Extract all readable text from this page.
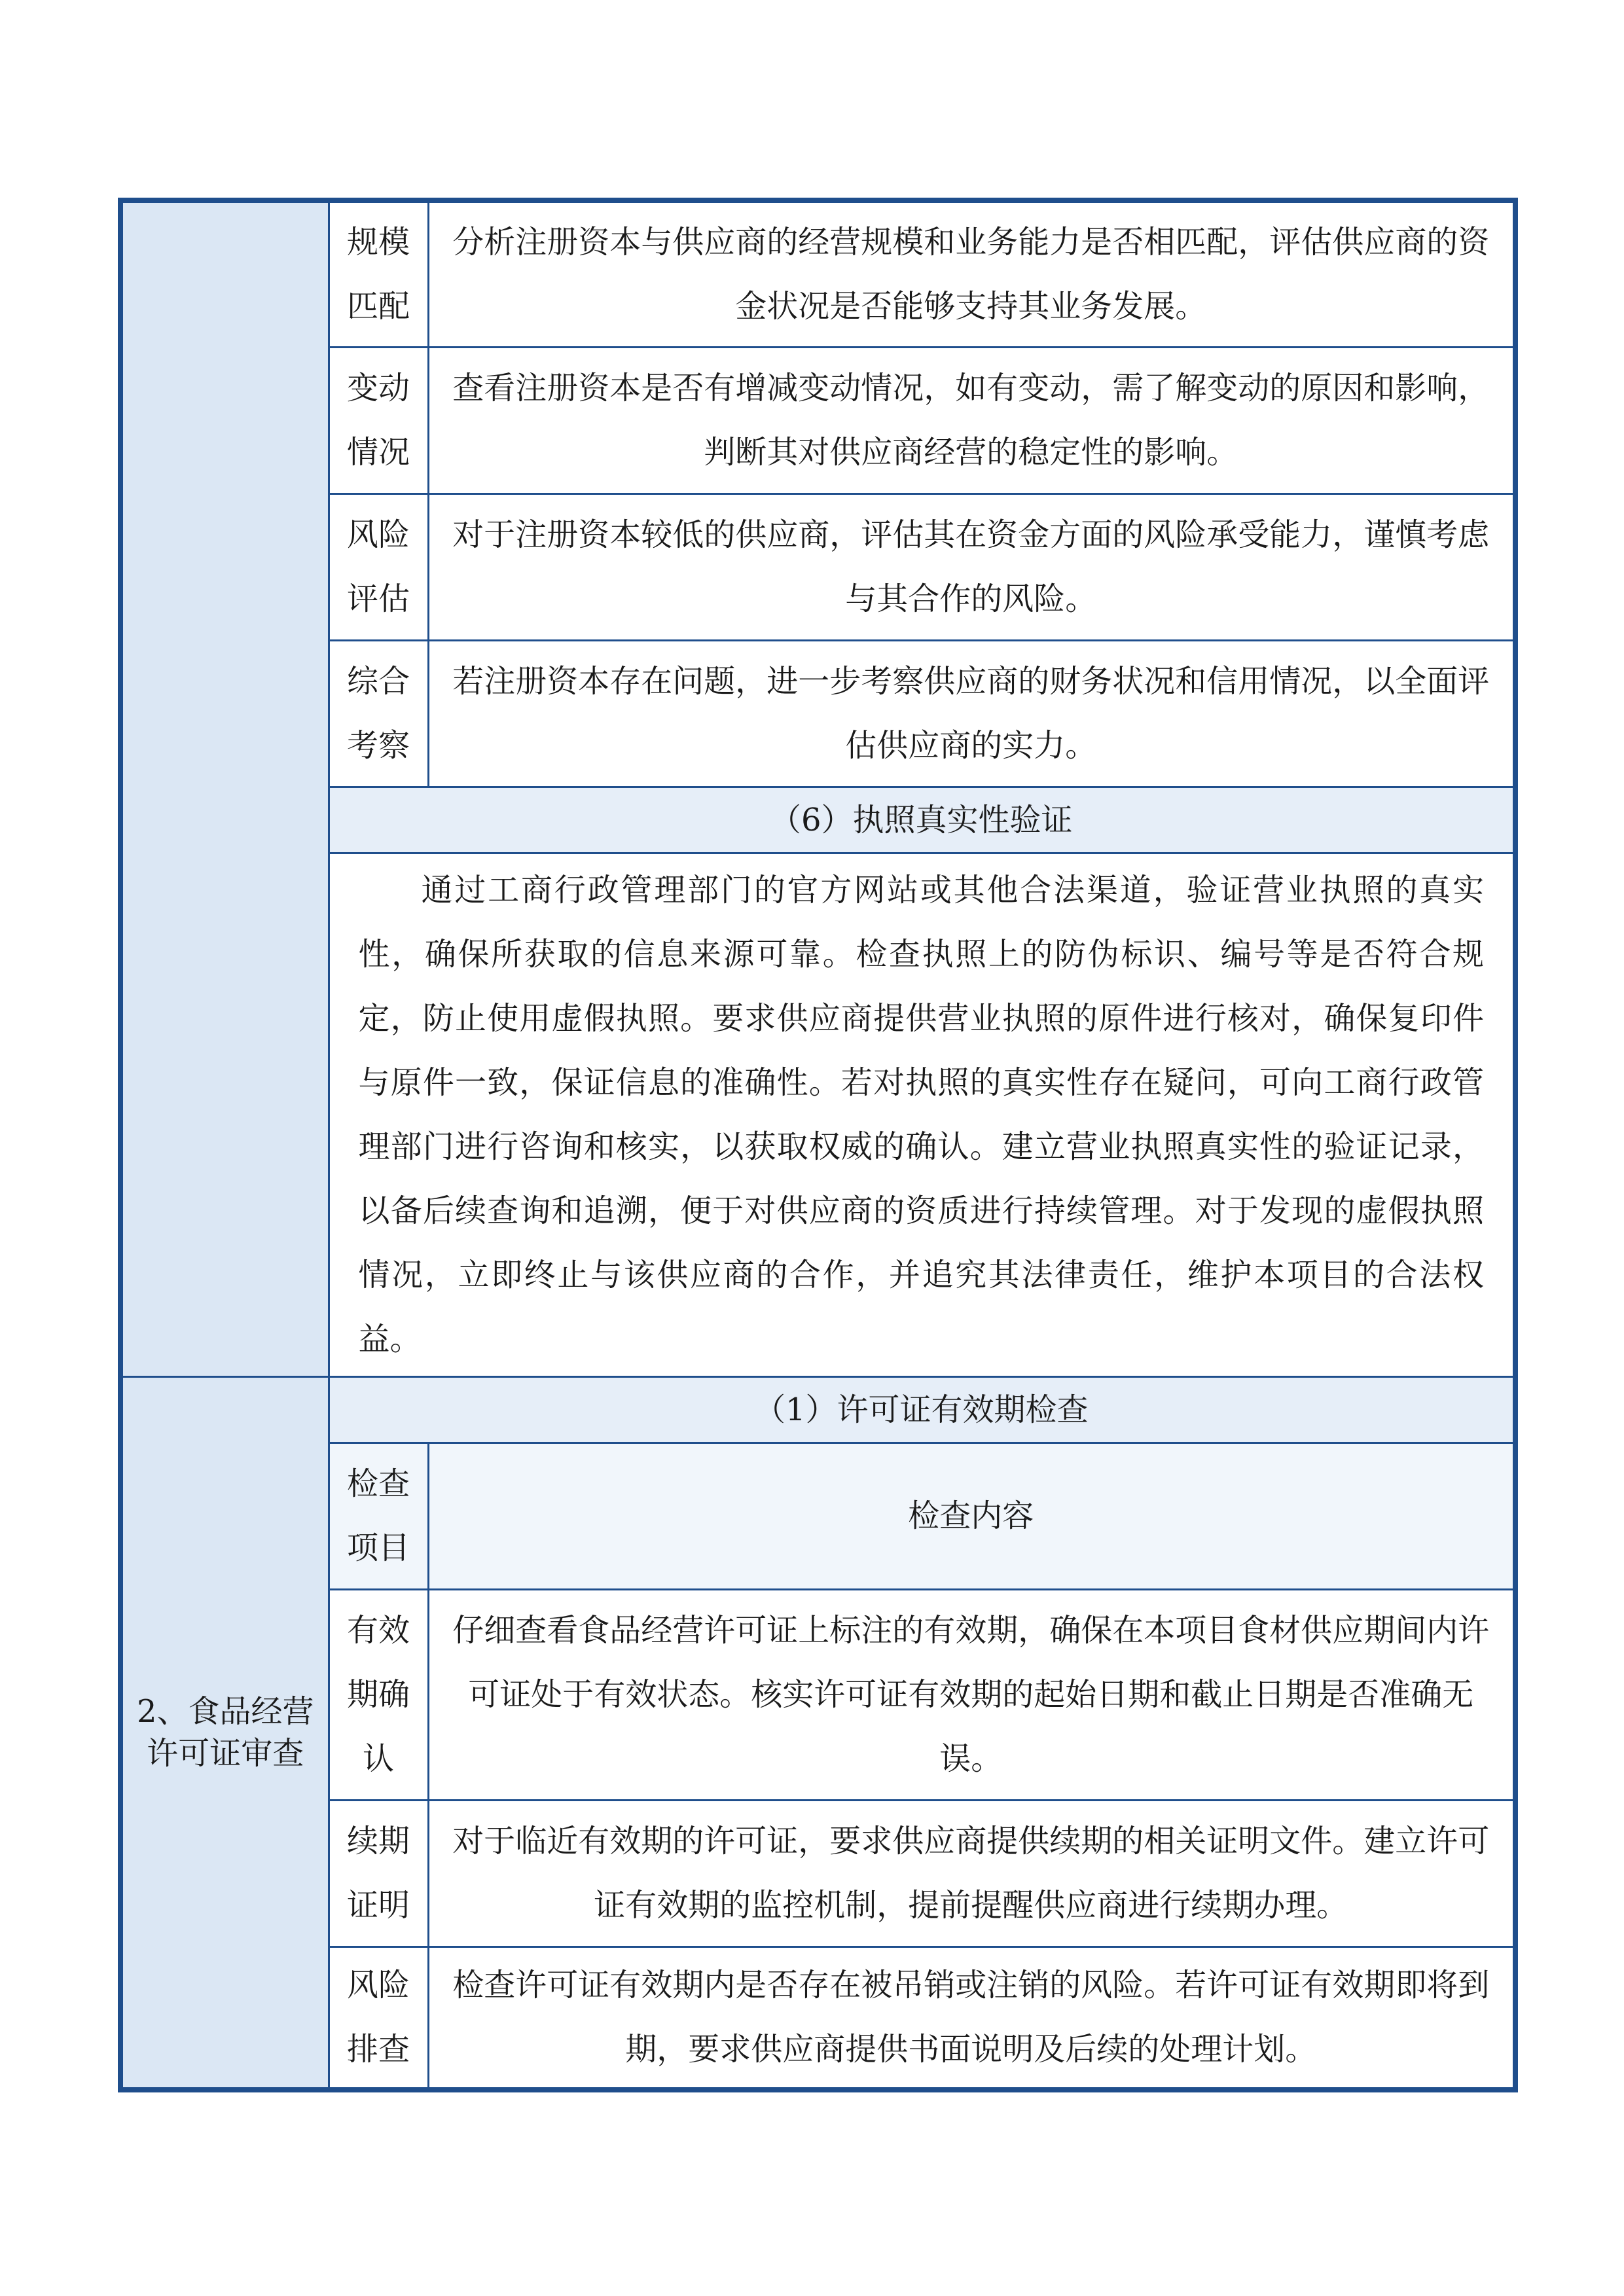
	规模匹配	分析注册资本与供应商的经营规模和业务能力是否相匹配，评估供应商的资金状况是否能够支持其业务发展。
	变动情况	查看注册资本是否有增减变动情况，如有变动，需了解变动的原因和影响，判断其对供应商经营的稳定性的影响。
	风险评估	对于注册资本较低的供应商，评估其在资金方面的风险承受能力，谨慎考虑与其合作的风险。
	综合考察	若注册资本存在问题，进一步考察供应商的财务状况和信用情况，以全面评估供应商的实力。
	（6）执照真实性验证	

	通过工商行政管理部门的官方网站或其他合法渠道，验证营业执照的真实性，确保所获取的信息来源可靠。检查执照上的防伪标识、编号等是否符合规定，防止使用虚假执照。要求供应商提供营业执照的原件进行核对，确保复印件与原件一致，保证信息的准确性。若对执照的真实性存在疑问，可向工商行政管理部门进行咨询和核实，以获取权威的确认。建立营业执照真实性的验证记录，以备后续查询和追溯，便于对供应商的资质进行持续管理。对于发现的虚假执照情况，立即终止与该供应商的合作，并追究其法律责任，维护本项目的合法权益。	

2、食品经营许可证审查	（1）许可证有效期检查	
	检查项目	检查内容
	有效期确认	仔细查看食品经营许可证上标注的有效期，确保在本项目食材供应期间内许可证处于有效状态。核实许可证有效期的起始日期和截止日期是否准确无误。
	续期证明	对于临近有效期的许可证，要求供应商提供续期的相关证明文件。建立许可证有效期的监控机制，提前提醒供应商进行续期办理。
	风险排查	检查许可证有效期内是否存在被吊销或注销的风险。若许可证有效期即将到期，要求供应商提供书面说明及后续的处理计划。
